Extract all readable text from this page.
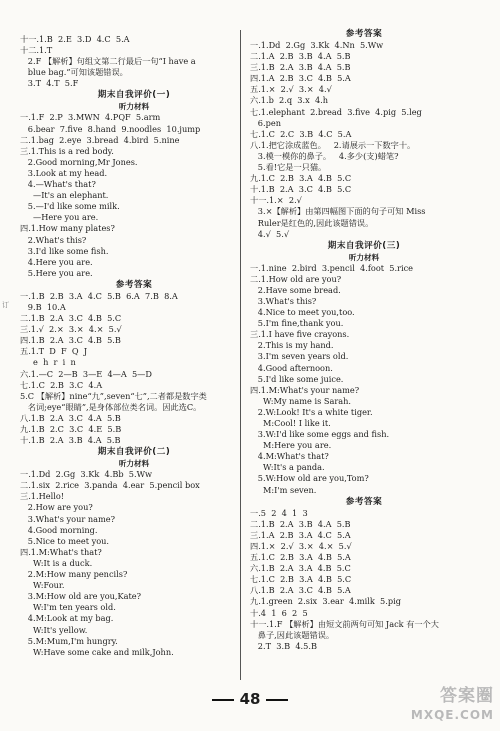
十一.1.B  2.E  3.D  4.C  5.A
十二.1.T
2.F 【解析】句组文第二行最后一句“I have a
blue bag.”可知该题错误。
3.T  4.T  5.F
期末自我评价(一)
听力材料
一.1.F  2.P  3.MWN  4.PQF  5.arm
6.bear  7.five  8.hand  9.noodles  10.jump
二.1.bag  2.eye  3.bread  4.bird  5.nine
三.1.This is a red body.
2.Good morning,Mr Jones.
3.Look at my head.
4.—What's that?
—It's an elephant.
5.—I'd like some milk.
—Here you are.
四.1.How many plates?
2.What's this?
3.I'd like some fish.
4.Here you are.
5.Here you are.
参考答案
一.1.B  2.B  3.A  4.C  5.B  6.A  7.B  8.A
9.B  10.A
二.1.B  2.A  3.C  4.B  5.C
三.1.√  2.×  3.×  4.×  5.√
四.1.B  2.A  3.C  4.B  5.B
五.1.T  D  F  Q  J
e  h  r  i  n
六.1.—C  2—B  3—E  4—A  5—D
七.1.C  2.B  3.C  4.A
5.C 【解析】nine“九”,seven“七”,二者都是数字类
名词;eye“眼睛”,是身体部位类名词。因此选C。
八.1.B  2.A  3.C  4.A  5.B
九.1.B  2.C  3.C  4.E  5.B
十.1.B  2.A  3.B  4.A  5.B
期末自我评价(二)
听力材料
一.1.Dd  2.Gg  3.Kk  4.Bb  5.Ww
二.1.six  2.rice  3.panda  4.ear  5.pencil box
三.1.Hello!
2.How are you?
3.What's your name?
4.Good morning.
5.Nice to meet you.
四.1.M:What's that?
W:It is a duck.
2.M:How many pencils?
W:Four.
3.M:How old are you,Kate?
W:I'm ten years old.
4.M:Look at my bag.
W:It's yellow.
5.M:Mum,I'm hungry.
W:Have some cake and milk,John.
参考答案
一.1.Dd  2.Gg  3.Kk  4.Nn  5.Ww
二.1.A  2.B  3.B  4.A  5.B
三.1.B  2.A  3.B  4.A  5.B
四.1.A  2.B  3.C  4.B  5.A
五.1.×  2.√  3.×  4.√
六.1.b  2.q  3.x  4.h
七.1.elephant  2.bread  3.five  4.pig  5.leg
6.pen
七.1.C  2.C  3.B  4.C  5.A
八.1.把它涂成蓝色。   2.请展示一下数字十。
3.模一模你的鼻子。   4.多少(支)蜡笔?
5.看!它是一只猫。
九.1.C  2.B  3.A  4.B  5.C
十.1.B  2.A  3.C  4.B  5.C
十一.1.×  2.√
3.×【解析】由第四幅图下面的句子可知 Miss
Ruler是红色的,因此该题错误。
4.√  5.√
期末自我评价(三)
听力材料
一.1.nine  2.bird  3.pencil  4.foot  5.rice
二.1.How old are you?
2.Have some bread.
3.What's this?
4.Nice to meet you,too.
5.I'm fine,thank you.
三.1.I have five crayons.
2.This is my hand.
3.I'm seven years old.
4.Good afternoon.
5.I'd like some juice.
四.1.M:What's your name?
W:My name is Sarah.
2.W:Look! It's a white tiger.
M:Cool! I like it.
3.W:I'd like some eggs and fish.
M:Here you are.
4.M:What's that?
W:It's a panda.
5.W:How old are you,Tom?
M:I'm seven.
参考答案
一.5  2  4  1  3
二.1.B  2.A  3.B  4.A  5.B
三.1.A  2.B  3.A  4.C  5.A
四.1.×  2.√  3.×  4.×  5.√
五.1.C  2.B  3.A  4.B  5.A
六.1.B  2.A  3.A  4.B  5.C
七.1.C  2.B  3.A  4.B  5.C
八.1.B  2.A  3.C  4.B  5.A
九.1.green  2.six  3.ear  4.milk  5.pig
十.4  1  6  2  5
十一.1.F 【解析】由短文前两句可知 Jack 有一个大
鼻子,因此该题错误。
2.T  3.B  4.5.B
订
48	答案圈
MXQE.COM
